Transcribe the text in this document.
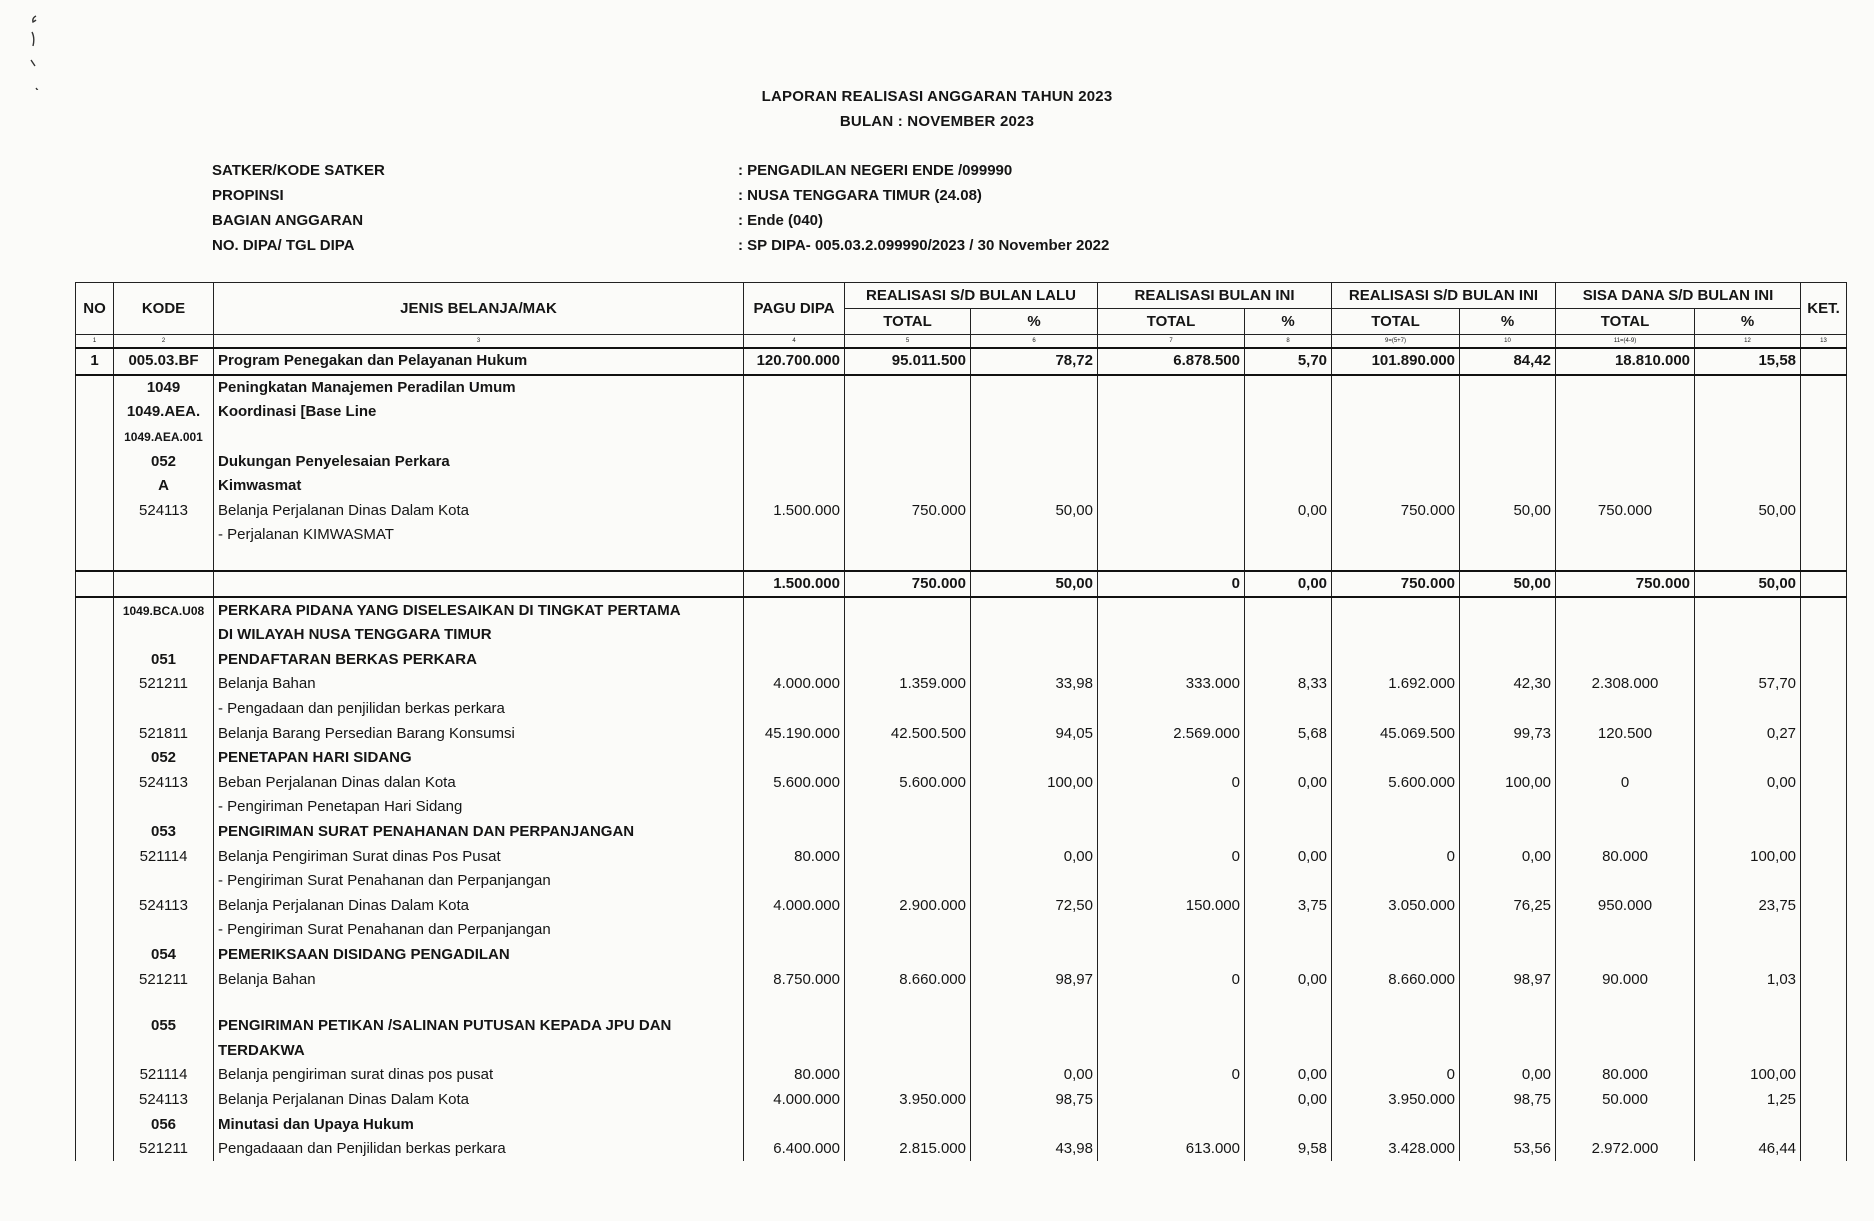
LAPORAN REALISASI ANGGARAN TAHUN 2023
BULAN : NOVEMBER 2023
SATKER/KODE SATKER	: PENGADILAN NEGERI ENDE /099990
PROPINSI	: NUSA TENGGARA TIMUR (24.08)
BAGIAN ANGGARAN	: Ende (040)
NO. DIPA/ TGL DIPA	: SP DIPA- 005.03.2.099990/2023 / 30 November 2022
NO	KODE	JENIS BELANJA/MAK	PAGU DIPA	REALISASI S/D BULAN LALU		REALISASI BULAN INI		REALISASI S/D BULAN INI		SISA DANA S/D BULAN INI		KET.
				TOTAL	%	TOTAL	%	TOTAL	%	TOTAL	%	
1	2	3	4	5	6	7	8	9=(5+7)	10	11=(4-9)	12	13
1	005.03.BF	Program Penegakan dan Pelayanan Hukum	120.700.000	95.011.500	78,72	6.878.500	5,70	101.890.000	84,42	18.810.000	15,58	
	1049	Peningkatan Manajemen Peradilan Umum										
	1049.AEA.	Koordinasi [Base Line										
	1049.AEA.001											
	052	Dukungan Penyelesaian Perkara										
	A	Kimwasmat										
	524113	Belanja Perjalanan Dinas Dalam Kota	1.500.000	750.000	50,00		0,00	750.000	50,00	750.000	50,00	
		- Perjalanan KIMWASMAT										

			1.500.000	750.000	50,00	0	0,00	750.000	50,00	750.000	50,00	
	1049.BCA.U08	PERKARA PIDANA YANG DISELESAIKAN DI TINGKAT PERTAMA										
		DI WILAYAH NUSA TENGGARA TIMUR										
	051	PENDAFTARAN BERKAS PERKARA										
	521211	Belanja Bahan	4.000.000	1.359.000	33,98	333.000	8,33	1.692.000	42,30	2.308.000	57,70	
		- Pengadaan dan penjilidan berkas perkara										
	521811	Belanja Barang Persedian Barang Konsumsi	45.190.000	42.500.500	94,05	2.569.000	5,68	45.069.500	99,73	120.500	0,27	
	052	PENETAPAN HARI SIDANG										
	524113	Beban Perjalanan Dinas dalan Kota	5.600.000	5.600.000	100,00	0	0,00	5.600.000	100,00	0	0,00	
		- Pengiriman Penetapan Hari Sidang										
	053	PENGIRIMAN SURAT PENAHANAN DAN PERPANJANGAN										
	521114	Belanja Pengiriman Surat dinas Pos Pusat	80.000		0,00	0	0,00	0	0,00	80.000	100,00	
		- Pengiriman Surat Penahanan dan Perpanjangan										
	524113	Belanja Perjalanan Dinas Dalam Kota	4.000.000	2.900.000	72,50	150.000	3,75	3.050.000	76,25	950.000	23,75	
		- Pengiriman Surat Penahanan dan Perpanjangan										
	054	PEMERIKSAAN DISIDANG PENGADILAN										
	521211	Belanja Bahan	8.750.000	8.660.000	98,97	0	0,00	8.660.000	98,97	90.000	1,03	

	055	PENGIRIMAN PETIKAN /SALINAN PUTUSAN KEPADA JPU DAN										
		TERDAKWA										
	521114	Belanja pengiriman surat dinas pos pusat	80.000		0,00	0	0,00	0	0,00	80.000	100,00	
	524113	Belanja Perjalanan Dinas Dalam Kota	4.000.000	3.950.000	98,75		0,00	3.950.000	98,75	50.000	1,25	
	056	Minutasi dan Upaya Hukum										
	521211	Pengadaaan dan Penjilidan berkas perkara	6.400.000	2.815.000	43,98	613.000	9,58	3.428.000	53,56	2.972.000	46,44	
